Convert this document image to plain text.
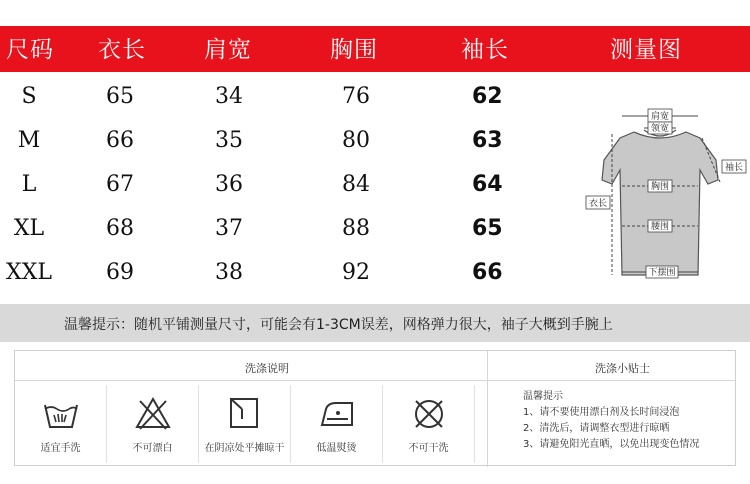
尺码 衣长	肩宽	胸围	袖长	测量图
S	65	34	76	62
M	66	35	80	63
L	67	36	84	64
XL	68	37	88	65
XXL 69	38	92	66
肩宽
领宽
袖长
胸围
衣长
腰围
下摆围
温馨提示：随机平铺测量尺寸，可能会有1-3CM误差，网格弹力很大，袖子大概到手腕上
洗涤说明	洗涤小贴士
适宜手洗	不可漂白	在阴凉处平摊晾干	低温熨烫	不可干洗
温馨提示
1、请不要使用漂白剂及长时间浸泡
2、清洗后，请调整衣型进行晾晒
3、请避免阳光直晒，以免出现变色情况
